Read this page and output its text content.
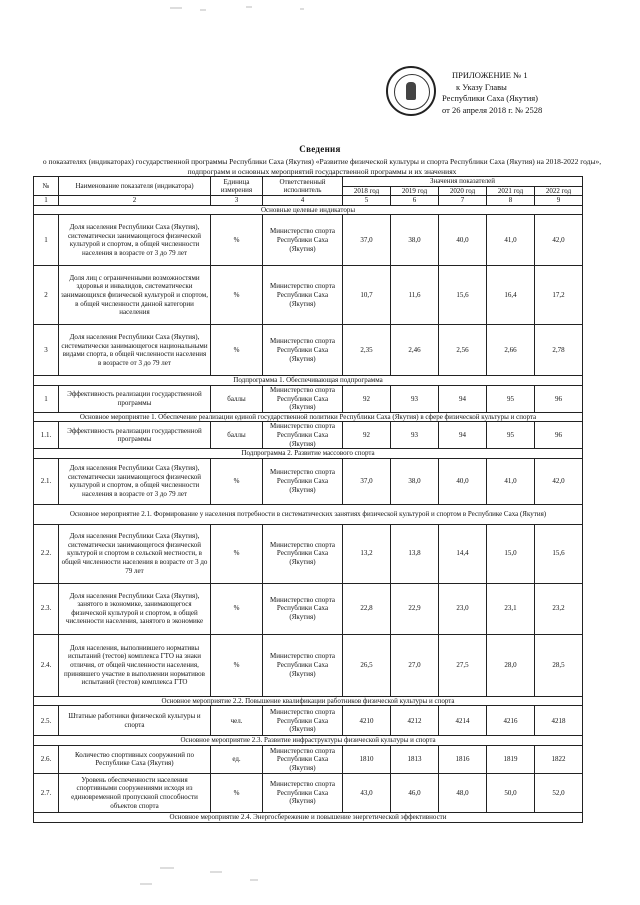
ПРИЛОЖЕНИЕ № 1
к Указу Главы
Республики Саха (Якутия)
от 26 апреля 2018 г. № 2528
Сведения
о показателях (индикаторах) государственной программы Республики Саха (Якутия) «Развитие физической культуры и спорта Республики Саха (Якутия) на 2018-2022 годы», подпрограмм и основных мероприятий государственной программы и их значениях
№	Наименование показателя (индикатора)	Единица измерения	Ответственный исполнитель	Значения показателей				
				2018 год	2019 год	2020 год	2021 год	2022 год
1	2	3	4	5	6	7	8	9
Основные целевые индикаторы								
1	Доля населения Республики Саха (Якутия), систематически занимающегося физической культурой и спортом, в общей численности населения в возрасте от 3 до 79 лет	%	Министерство спорта Республики Саха (Якутия)	37,0	38,0	40,0	41,0	42,0
2	Доля лиц с ограниченными возможностями здоровья и инвалидов, систематически занимающихся физической культурой и спортом, в общей численности данной категории населения	%	Министерство спорта Республики Саха (Якутия)	10,7	11,6	15,6	16,4	17,2
3	Доля населения Республики Саха (Якутия), систематически занимающегося национальными видами спорта, в общей численности населения в возрасте от 3 до 79 лет	%	Министерство спорта Республики Саха (Якутия)	2,35	2,46	2,56	2,66	2,78
Подпрограмма 1. Обеспечивающая подпрограмма								
1	Эффективность реализации государственной программы	баллы	Министерство спорта Республики Саха (Якутия)	92	93	94	95	96
Основное мероприятие 1. Обеспечение реализации единой государственной политики Республики Саха (Якутия) в сфере физической культуры и спорта								
1.1.	Эффективность реализации государственной программы	баллы	Министерство спорта Республики Саха (Якутия)	92	93	94	95	96
Подпрограмма 2. Развитие массового спорта								
2.1.	Доля населения Республики Саха (Якутия), систематически занимающегося физической культурой и спортом, в общей численности населения в возрасте от 3 до 79 лет	%	Министерство спорта Республики Саха (Якутия)	37,0	38,0	40,0	41,0	42,0
Основное мероприятие 2.1. Формирование у населения потребности в систематических занятиях физической культурой и спортом в Республике Саха (Якутия)								
2.2.	Доля населения Республики Саха (Якутия), систематически занимающегося физической культурой и спортом в сельской местности, в общей численности населения в возрасте от 3 до 79 лет	%	Министерство спорта Республики Саха (Якутия)	13,2	13,8	14,4	15,0	15,6
2.3.	Доля населения Республики Саха (Якутия), занятого в экономике, занимающегося физической культурой и спортом, в общей численности населения, занятого в экономике	%	Министерство спорта Республики Саха (Якутия)	22,8	22,9	23,0	23,1	23,2
2.4.	Доля населения, выполнившего нормативы испытаний (тестов) комплекса ГТО на знаки отличия, от общей численности населения, принявшего участие в выполнении нормативов испытаний (тестов) комплекса ГТО	%	Министерство спорта Республики Саха (Якутия)	26,5	27,0	27,5	28,0	28,5
Основное мероприятие 2.2. Повышение квалификации работников физической культуры и спорта								
2.5.	Штатные работники физической культуры и спорта	чел.	Министерство спорта Республики Саха (Якутия)	4210	4212	4214	4216	4218
Основное мероприятие 2.3. Развитие инфраструктуры физической культуры и спорта								
2.6.	Количество спортивных сооружений по Республике Саха (Якутия)	ед.	Министерство спорта Республики Саха (Якутия)	1810	1813	1816	1819	1822
2.7.	Уровень обеспеченности населения спортивными сооружениями исходя из единовременной пропускной способности объектов спорта	%	Министерство спорта Республики Саха (Якутия)	43,0	46,0	48,0	50,0	52,0
Основное мероприятие 2.4. Энергосбережение и повышение энергетической эффективности								
